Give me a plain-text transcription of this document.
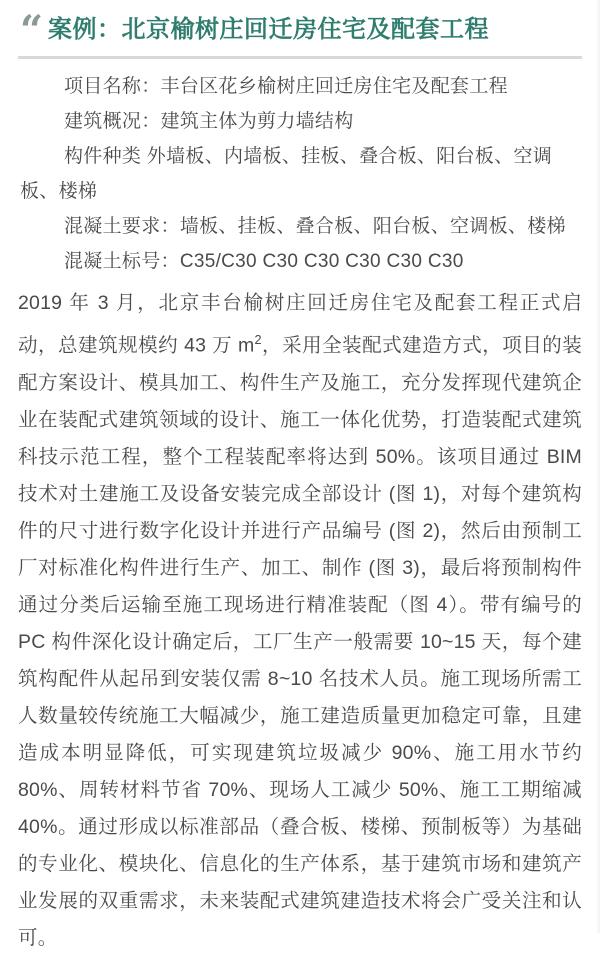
“ 案例：北京榆树庄回迁房住宅及配套工程
项目名称：丰台区花乡榆树庄回迁房住宅及配套工程
建筑概况：建筑主体为剪力墙结构
构件种类 外墙板、内墙板、挂板、叠合板、阳台板、空调板、楼梯
混凝土要求：墙板、挂板、叠合板、阳台板、空调板、楼梯
混凝土标号：C35/C30 C30 C30 C30 C30 C30
2019 年 3 月，北京丰台榆树庄回迁房住宅及配套工程正式启动，总建筑规模约 43 万 $m^2$，采用全装配式建造方式，项目的装配方案设计、模具加工、构件生产及施工，充分发挥现代建筑企业在装配式建筑领域的设计、施工一体化优势，打造装配式建筑科技示范工程，整个工程装配率将达到 50%。该项目通过 BIM 技术对土建施工及设备安装完成全部设计 (图 1)，对每个建筑构件的尺寸进行数字化设计并进行产品编号 (图 2)，然后由预制工厂对标准化构件进行生产、加工、制作 (图 3)，最后将预制构件通过分类后运输至施工现场进行精准装配（图 4）。带有编号的 PC 构件深化设计确定后，工厂生产一般需要 10~15 天，每个建筑构配件从起吊到安装仅需 8~10 名技术人员。施工现场所需工人数量较传统施工大幅减少，施工建造质量更加稳定可靠，且建造成本明显降低，可实现建筑垃圾减少 90%、施工用水节约 80%、周转材料节省 70%、现场人工减少 50%、施工工期缩减 40%。通过形成以标准部品（叠合板、楼梯、预制板等）为基础的专业化、模块化、信息化的生产体系，基于建筑市场和建筑产业发展的双重需求，未来装配式建筑建造技术将会广受关注和认可。
